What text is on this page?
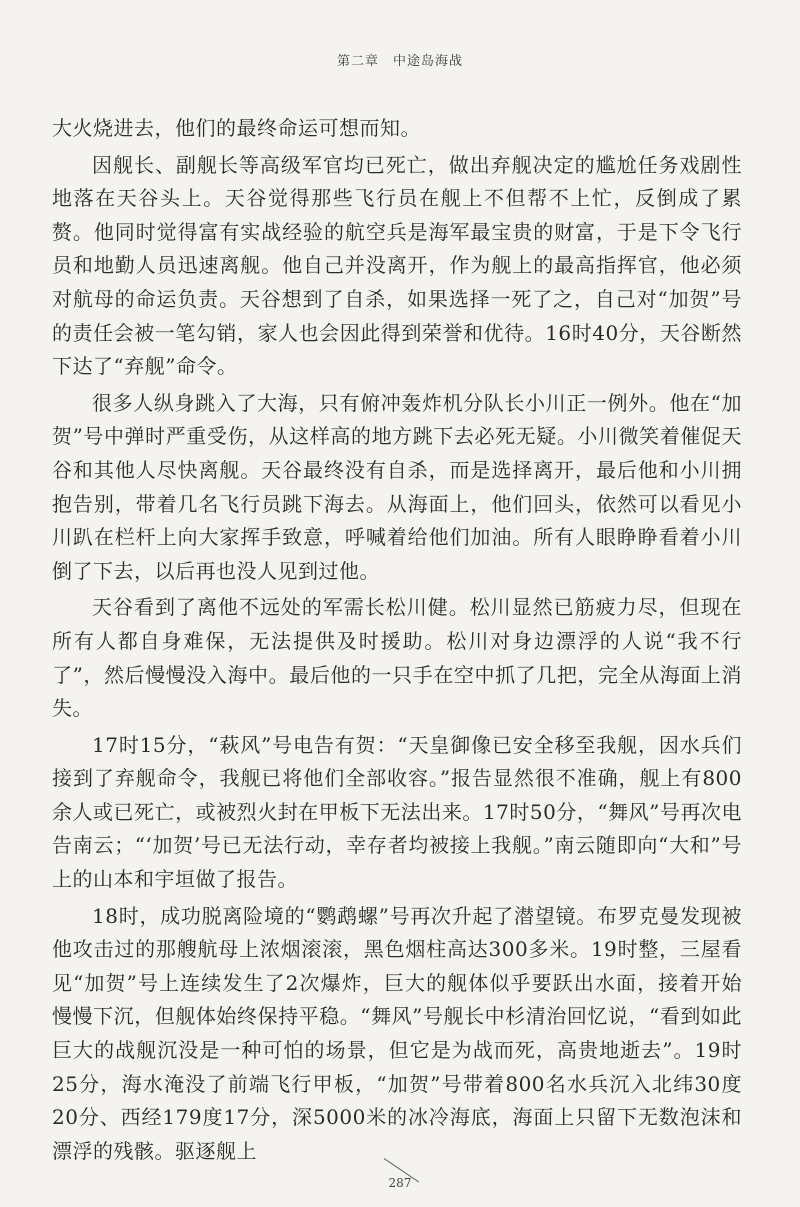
第二章　中途岛海战

大火烧进去，他们的最终命运可想而知。

因舰长、副舰长等高级军官均已死亡，做出弃舰决定的尴尬任务戏剧性地落在天谷头上。天谷觉得那些飞行员在舰上不但帮不上忙，反倒成了累赘。他同时觉得富有实战经验的航空兵是海军最宝贵的财富，于是下令飞行员和地勤人员迅速离舰。他自己并没离开，作为舰上的最高指挥官，他必须对航母的命运负责。天谷想到了自杀，如果选择一死了之，自己对“加贺”号的责任会被一笔勾销，家人也会因此得到荣誉和优待。16时40分，天谷断然下达了“弃舰”命令。

很多人纵身跳入了大海，只有俯冲轰炸机分队长小川正一例外。他在“加贺”号中弹时严重受伤，从这样高的地方跳下去必死无疑。小川微笑着催促天谷和其他人尽快离舰。天谷最终没有自杀，而是选择离开，最后他和小川拥抱告别，带着几名飞行员跳下海去。从海面上，他们回头，依然可以看见小川趴在栏杆上向大家挥手致意，呼喊着给他们加油。所有人眼睁睁看着小川倒了下去，以后再也没人见到过他。

天谷看到了离他不远处的军需长松川健。松川显然已筋疲力尽，但现在所有人都自身难保，无法提供及时援助。松川对身边漂浮的人说“我不行了”，然后慢慢没入海中。最后他的一只手在空中抓了几把，完全从海面上消失。

17时15分，“萩风”号电告有贺：“天皇御像已安全移至我舰，因水兵们接到了弃舰命令，我舰已将他们全部收容。”报告显然很不准确，舰上有800余人或已死亡，或被烈火封在甲板下无法出来。17时50分，“舞风”号再次电告南云；“‘加贺’号已无法行动，幸存者均被接上我舰。”南云随即向“大和”号上的山本和宇垣做了报告。

18时，成功脱离险境的“鹦鹉螺”号再次升起了潜望镜。布罗克曼发现被他攻击过的那艘航母上浓烟滚滚，黑色烟柱高达300多米。19时整，三屋看见“加贺”号上连续发生了2次爆炸，巨大的舰体似乎要跃出水面，接着开始慢慢下沉，但舰体始终保持平稳。“舞风”号舰长中杉清治回忆说，“看到如此巨大的战舰沉没是一种可怕的场景，但它是为战而死，高贵地逝去”。19时25分，海水淹没了前端飞行甲板，“加贺”号带着800名水兵沉入北纬30度20分、西经179度17分，深5000米的冰冷海底，海面上只留下无数泡沫和漂浮的残骸。驱逐舰上

287
